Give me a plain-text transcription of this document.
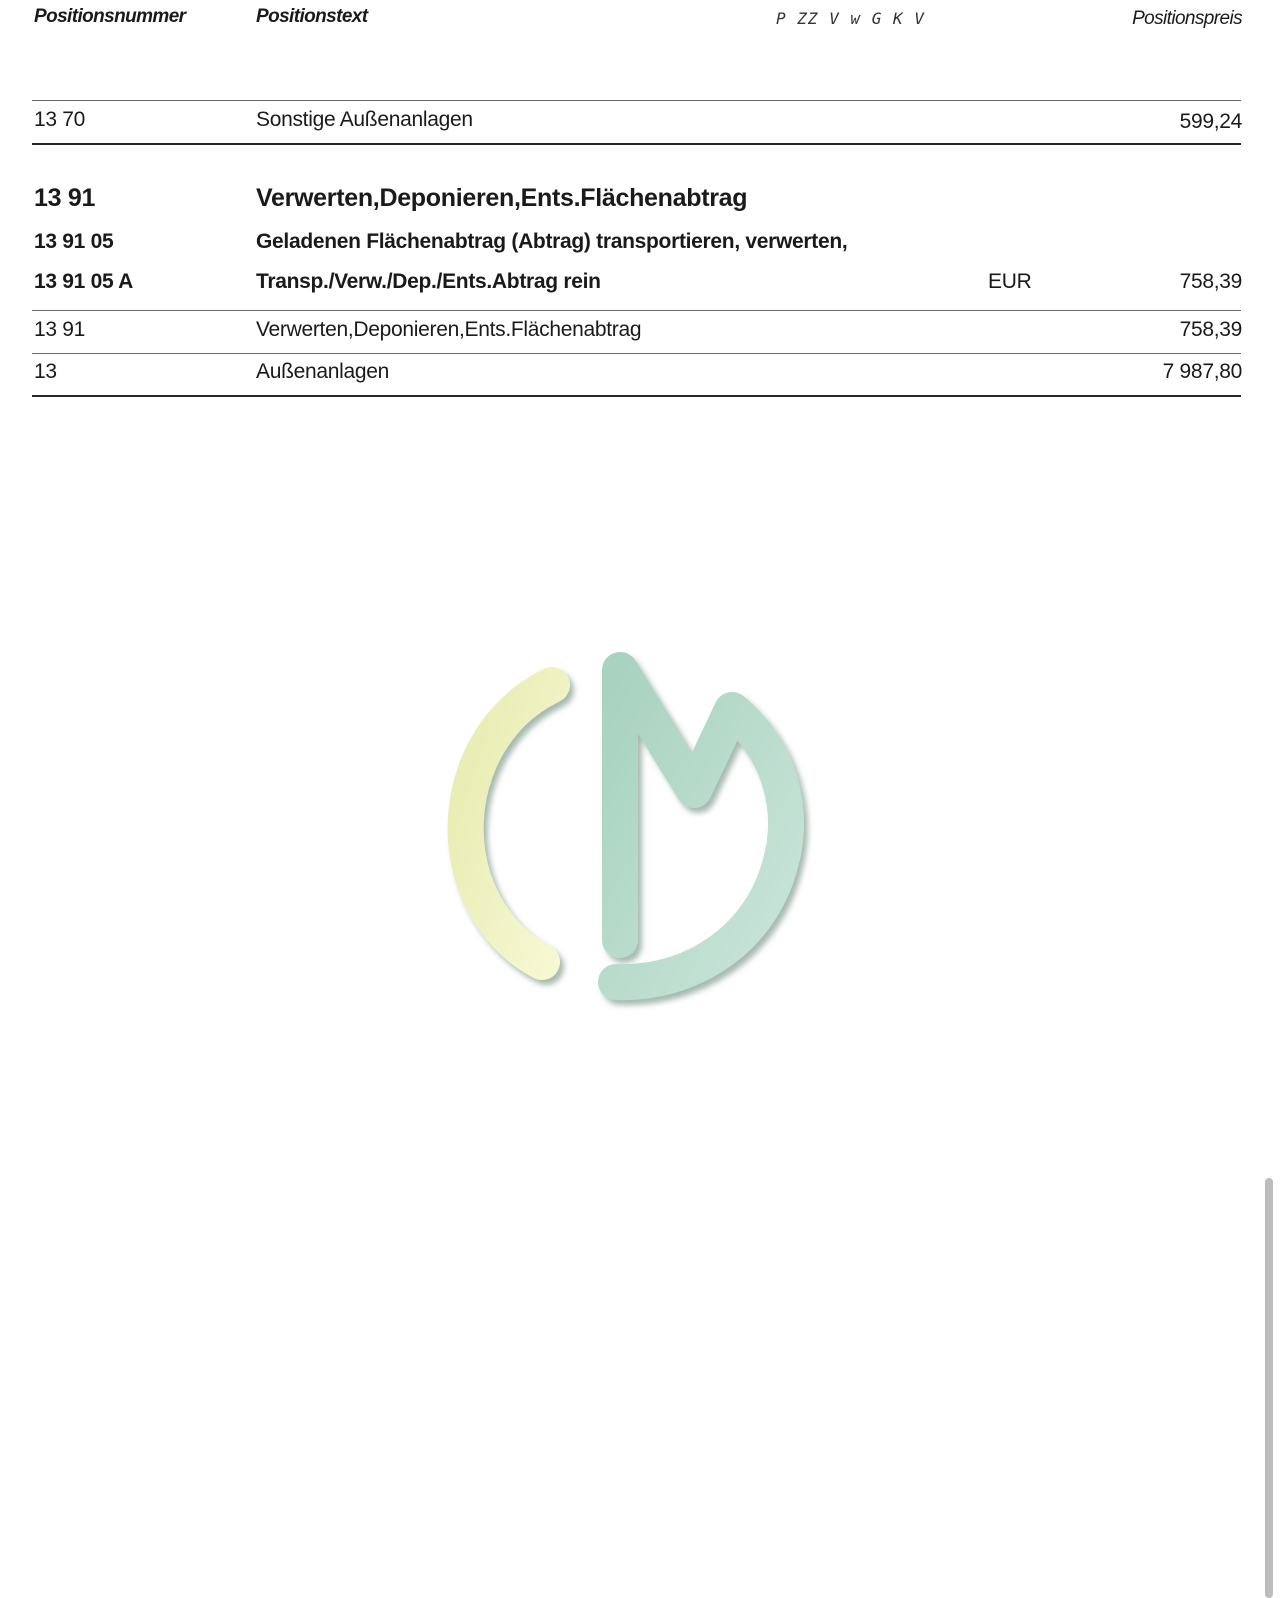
Positionsnummer	Positionstext	P ZZ V w G K V	Positionspreis
13 70	Sonstige Außenanlagen	599,24
13 91	Verwerten,Deponieren,Ents.Flächenabtrag
13 91 05	Geladenen Flächenabtrag (Abtrag) transportieren, verwerten,
13 91 05 A	Transp./Verw./Dep./Ents.Abtrag rein	EUR	758,39
13 91	Verwerten,Deponieren,Ents.Flächenabtrag	758,39
13	Außenanlagen	7 987,80
